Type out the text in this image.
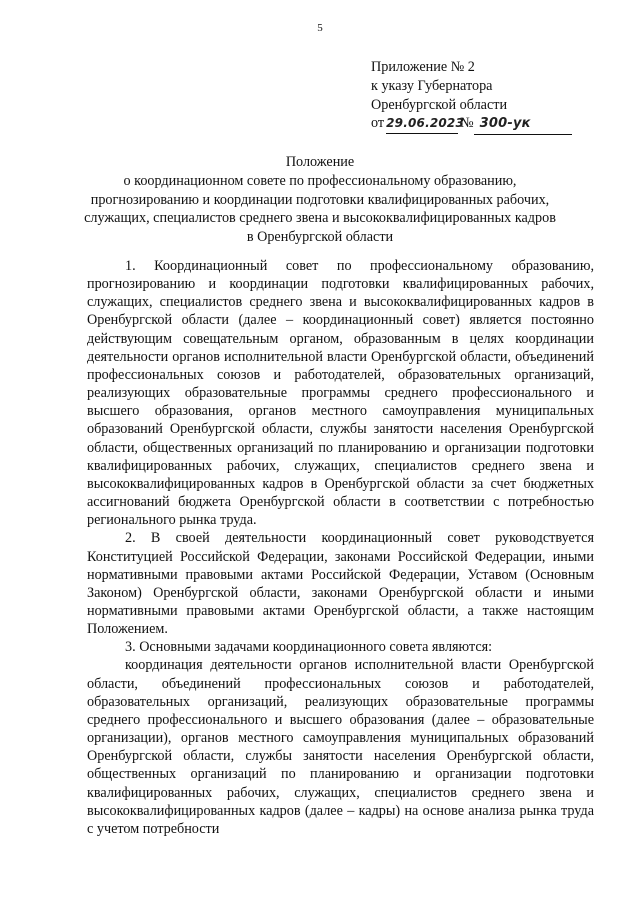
5
Приложение № 2
к указу Губернатора
Оренбургской области
от 29.06.2023№ 300-ук
Положение
о координационном совете по профессиональному образованию,
прогнозированию и координации подготовки квалифицированных рабочих,
служащих, специалистов среднего звена и высококвалифицированных кадров
в Оренбургской области

1. Координационный совет по профессиональному образованию, прогнозированию и координации подготовки квалифицированных рабочих, служащих, специалистов среднего звена и высококвалифицированных кадров в Оренбургской области (далее – координационный совет) является постоянно действующим совещательным органом, образованным в целях координации деятельности органов исполнительной власти Оренбургской области, объединений профессиональных союзов и работодателей, образовательных организаций, реализующих образовательные программы среднего профессионального и высшего образования, органов местного самоуправления муниципальных образований Оренбургской области, службы занятости населения Оренбургской области, общественных организаций по планированию и организации подготовки квалифицированных рабочих, служащих, специалистов среднего звена и высококвалифицированных кадров в Оренбургской области за счет бюджетных ассигнований бюджета Оренбургской области в соответствии с потребностью регионального рынка труда.

2. В своей деятельности координационный совет руководствуется Конституцией Российской Федерации, законами Российской Федерации, иными нормативными правовыми актами Российской Федерации, Уставом (Основным Законом) Оренбургской области, законами Оренбургской области и иными нормативными правовыми актами Оренбургской области, а также настоящим Положением.

3. Основными задачами координационного совета являются:

координация деятельности органов исполнительной власти Оренбургской области, объединений профессиональных союзов и работодателей, образовательных организаций, реализующих образовательные программы среднего профессионального и высшего образования (далее – образовательные организации), органов местного самоуправления муниципальных образований Оренбургской области, службы занятости населения Оренбургской области, общественных организаций по планированию и организации подготовки квалифицированных рабочих, служащих, специалистов среднего звена и высококвалифицированных кадров (далее – кадры) на основе анализа рынка труда с учетом потребности
